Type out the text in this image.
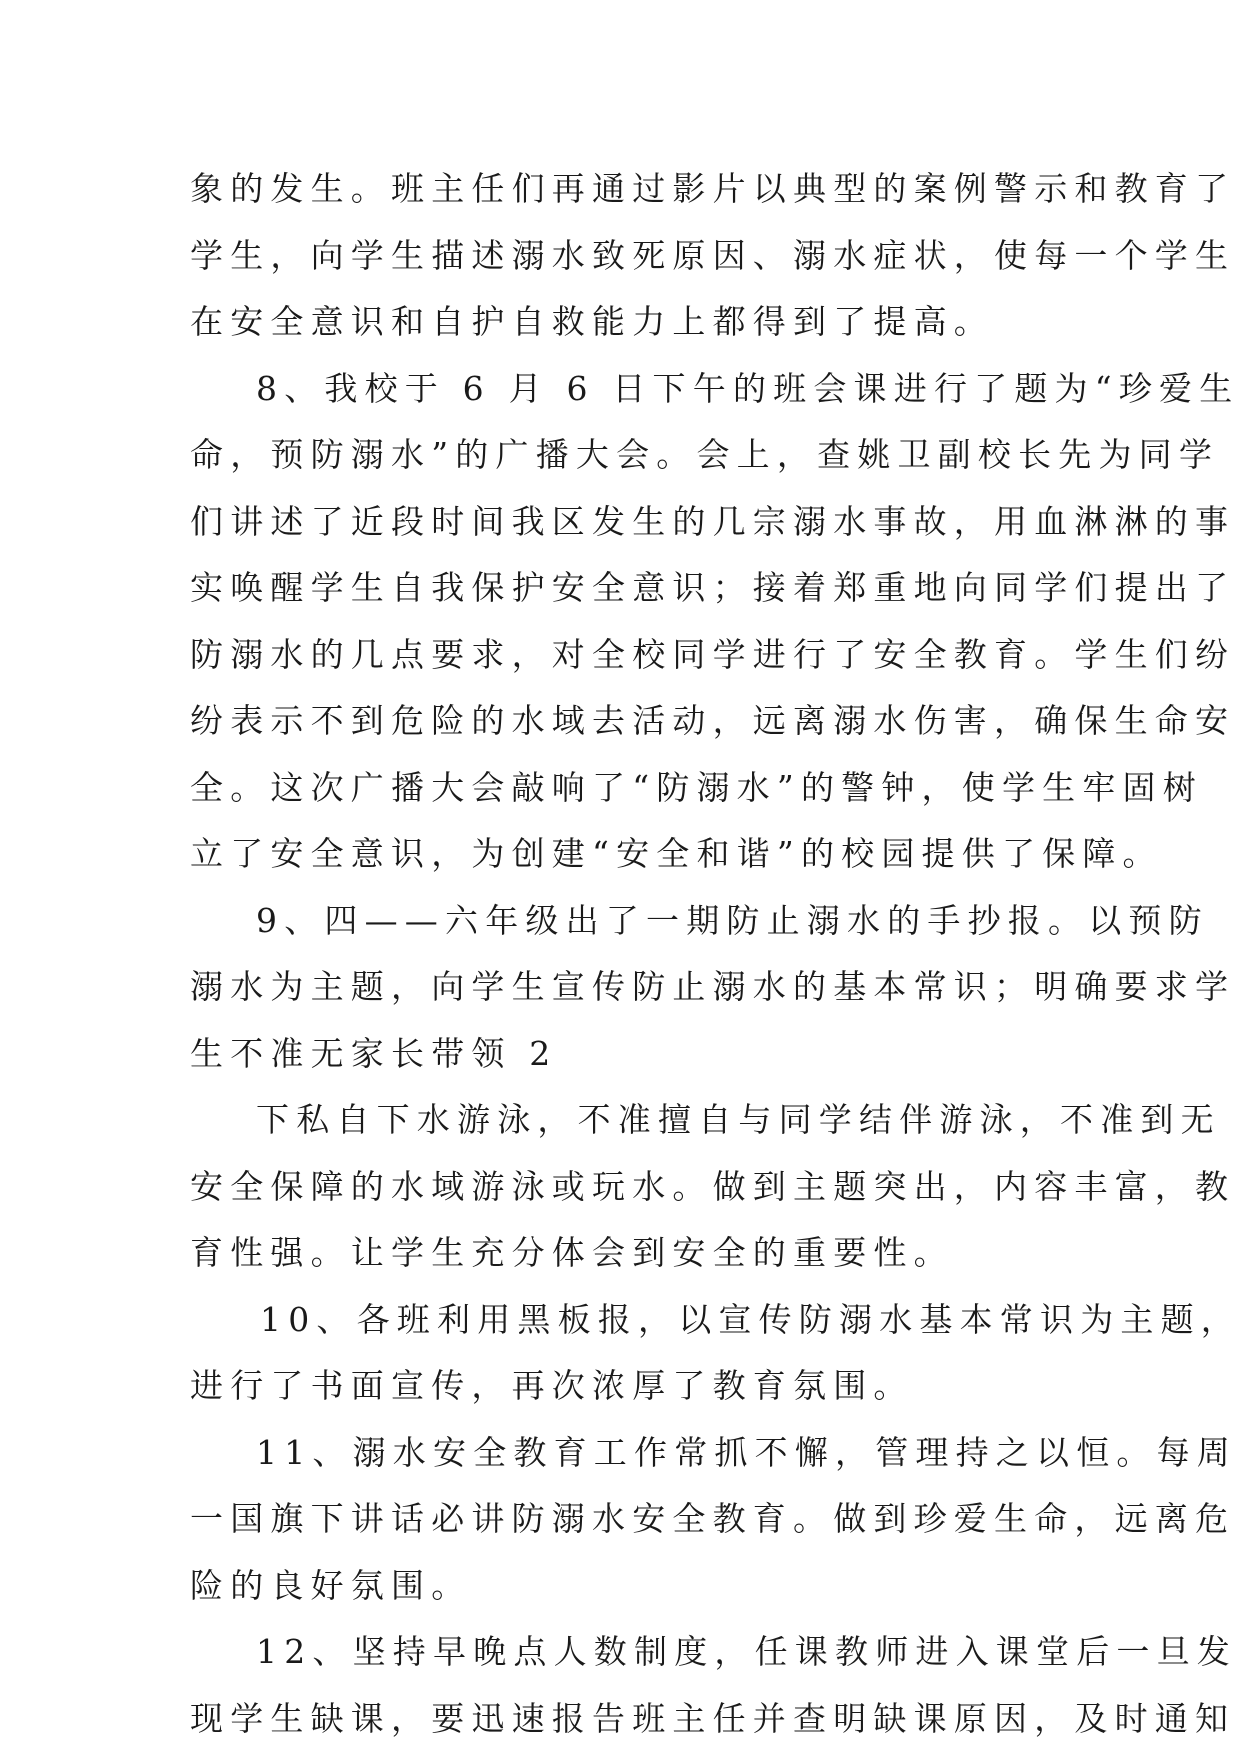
象的发生。班主任们再通过影片以典型的案例警示和教育了
学生，向学生描述溺水致死原因、溺水症状，使每一个学生
在安全意识和自护自救能力上都得到了提高。
8、我校于 6 月 6 日下午的班会课进行了题为“珍爱生
命，预防溺水”的广播大会。会上，查姚卫副校长先为同学
们讲述了近段时间我区发生的几宗溺水事故，用血淋淋的事
实唤醒学生自我保护安全意识；接着郑重地向同学们提出了
防溺水的几点要求，对全校同学进行了安全教育。学生们纷
纷表示不到危险的水域去活动，远离溺水伤害，确保生命安
全。这次广播大会敲响了“防溺水”的警钟，使学生牢固树
立了安全意识，为创建“安全和谐”的校园提供了保障。
9、四——六年级出了一期防止溺水的手抄报。以预防
溺水为主题，向学生宣传防止溺水的基本常识；明确要求学
生不准无家长带领 2
下私自下水游泳，不准擅自与同学结伴游泳，不准到无
安全保障的水域游泳或玩水。做到主题突出，内容丰富，教
育性强。让学生充分体会到安全的重要性。
10、各班利用黑板报，以宣传防溺水基本常识为主题，
进行了书面宣传，再次浓厚了教育氛围。
11、溺水安全教育工作常抓不懈，管理持之以恒。每周
一国旗下讲话必讲防溺水安全教育。做到珍爱生命，远离危
险的良好氛围。
12、坚持早晚点人数制度，任课教师进入课堂后一旦发
现学生缺课，要迅速报告班主任并查明缺课原因，及时通知
